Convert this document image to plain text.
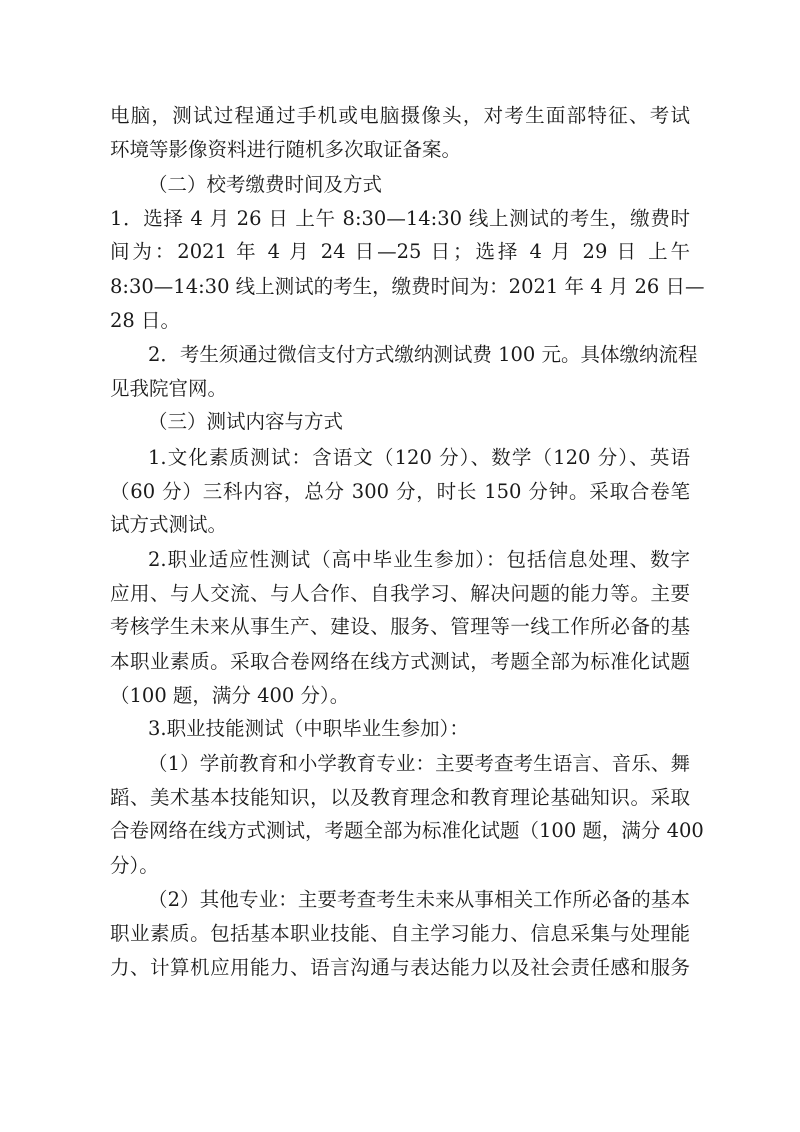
电脑，测试过程通过手机或电脑摄像头，对考生面部特征、考试

环境等影像资料进行随机多次取证备案。

（二）校考缴费时间及方式

1．选择 4 月 26 日 上午 8:30—14:30 线上测试的考生，缴费时

间为：2021 年 4 月 24 日—25 日；选择 4 月 29 日 上午

8:30—14:30 线上测试的考生，缴费时间为：2021 年 4 月 26 日—

28 日。

2．考生须通过微信支付方式缴纳测试费 100 元。具体缴纳流程

见我院官网。

（三）测试内容与方式

1.文化素质测试：含语文（120 分）、数学（120 分）、英语

（60 分）三科内容，总分 300 分，时长 150 分钟。采取合卷笔

试方式测试。

2.职业适应性测试（高中毕业生参加）：包括信息处理、数字

应用、与人交流、与人合作、自我学习、解决问题的能力等。主要

考核学生未来从事生产、建设、服务、管理等一线工作所必备的基

本职业素质。采取合卷网络在线方式测试，考题全部为标准化试题

（100 题，满分 400 分）。

3.职业技能测试（中职毕业生参加）：

（1）学前教育和小学教育专业：主要考查考生语言、音乐、舞

蹈、美术基本技能知识，以及教育理念和教育理论基础知识。采取

合卷网络在线方式测试，考题全部为标准化试题（100 题，满分 400

分）。

（2）其他专业：主要考查考生未来从事相关工作所必备的基本

职业素质。包括基本职业技能、自主学习能力、信息采集与处理能

力、计算机应用能力、语言沟通与表达能力以及社会责任感和服务
